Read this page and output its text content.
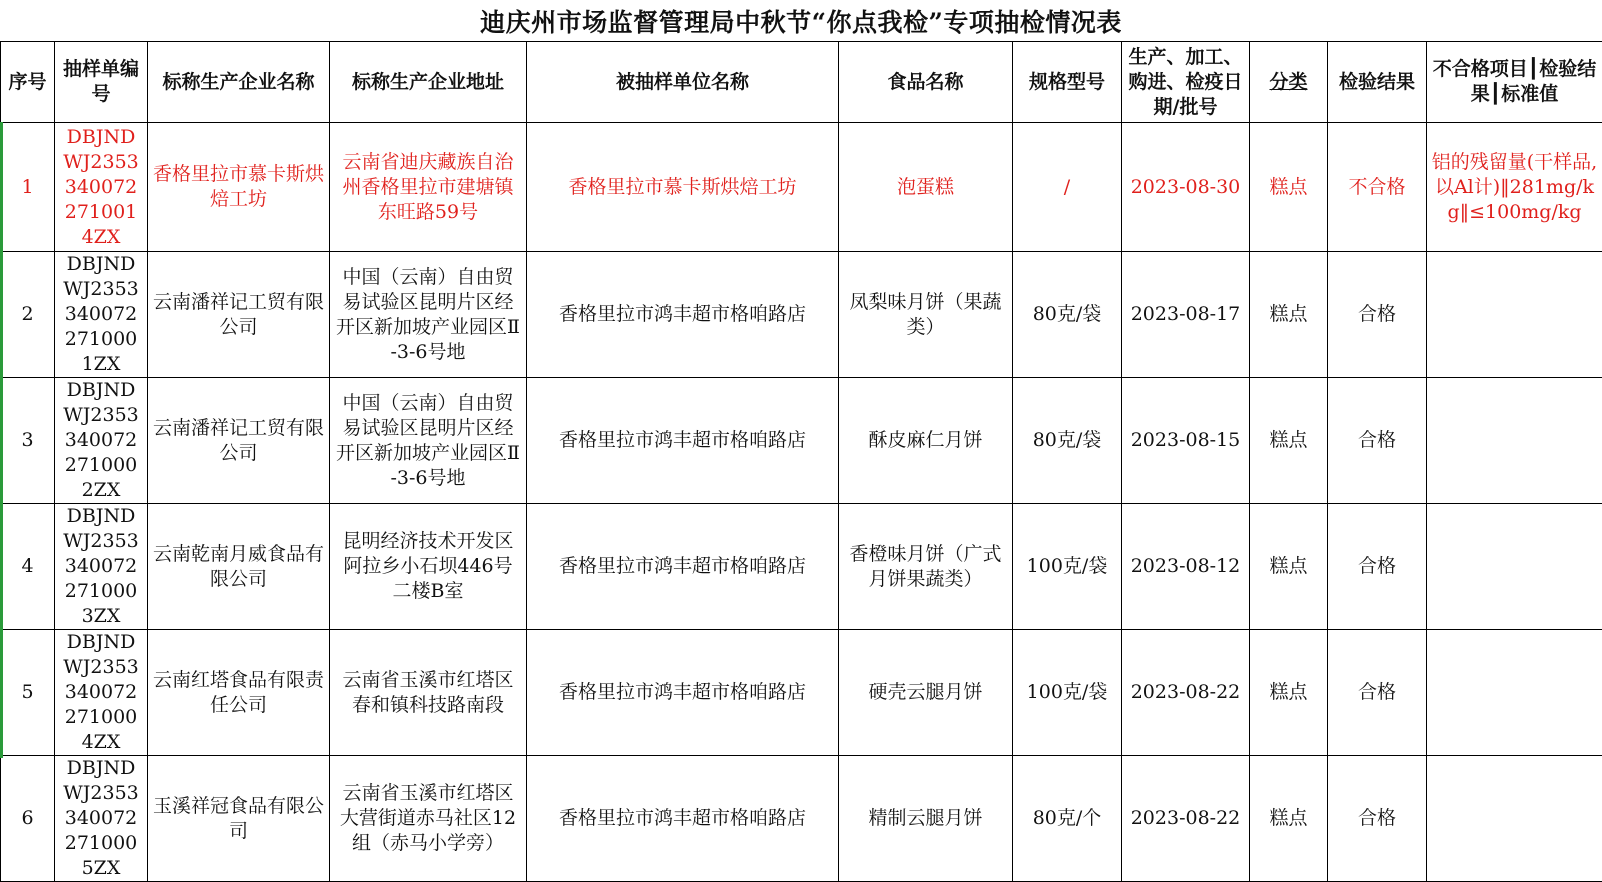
迪庆州市场监督管理局中秋节“你点我检”专项抽检情况表
序号	抽样单编号	标称生产企业名称	标称生产企业地址	被抽样单位名称	食品名称	规格型号	生产、加工、购进、检疫日期/批号	分类	检验结果	不合格项目┃检验结果┃标准值
1	DBJNDWJ23533400722710014ZX	香格里拉市慕卡斯烘焙工坊	云南省迪庆藏族自治州香格里拉市建塘镇东旺路59号	香格里拉市慕卡斯烘焙工坊	泡蛋糕	/	2023-08-30	糕点	不合格	铝的残留量(干样品,以Al计)‖281mg/kg‖≤100mg/kg
2	DBJNDWJ23533400722710001ZX	云南潘祥记工贸有限公司	中国（云南）自由贸易试验区昆明片区经开区新加坡产业园区Ⅱ-3-6号地	香格里拉市鸿丰超市格咱路店	凤梨味月饼（果蔬类）	80克/袋	2023-08-17	糕点	合格	
3	DBJNDWJ23533400722710002ZX	云南潘祥记工贸有限公司	中国（云南）自由贸易试验区昆明片区经开区新加坡产业园区Ⅱ-3-6号地	香格里拉市鸿丰超市格咱路店	酥皮麻仁月饼	80克/袋	2023-08-15	糕点	合格	
4	DBJNDWJ23533400722710003ZX	云南乾南月威食品有限公司	昆明经济技术开发区阿拉乡小石坝446号二楼B室	香格里拉市鸿丰超市格咱路店	香橙味月饼（广式月饼果蔬类）	100克/袋	2023-08-12	糕点	合格	
5	DBJNDWJ23533400722710004ZX	云南红塔食品有限责任公司	云南省玉溪市红塔区春和镇科技路南段	香格里拉市鸿丰超市格咱路店	硬壳云腿月饼	100克/袋	2023-08-22	糕点	合格	
6	DBJNDWJ23533400722710005ZX	玉溪祥冠食品有限公司	云南省玉溪市红塔区大营街道赤马社区12组（赤马小学旁）	香格里拉市鸿丰超市格咱路店	精制云腿月饼	80克/个	2023-08-22	糕点	合格	
